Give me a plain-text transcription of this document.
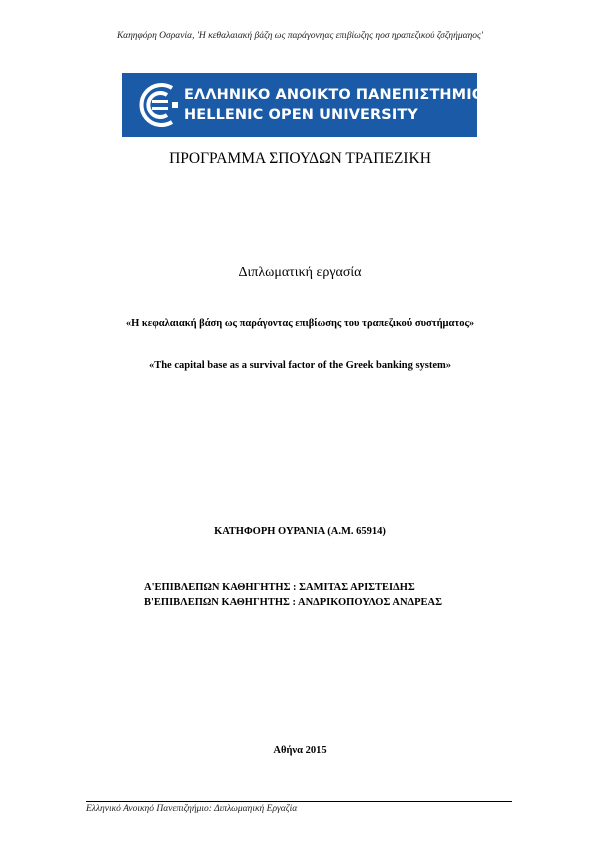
Καηηφόρη Οσρανία, 'Η κεθαλαιακή βάζη ως παράγονηας επιβίωζης ηοσ ηραπεζικού ζσζηήμαηος'
ΕΛΛΗΝΙΚΟ ΑΝΟΙΚΤΟ ΠΑΝΕΠΙΣΤΗΜΙΟ
HELLENIC OPEN UNIVERSITY
ΠΡΟΓΡΑΜΜΑ ΣΠΟΥΔΩΝ ΤΡΑΠΕΖΙΚΗ
Διπλωματική εργασία
«Η κεφαλαιακή βάση ως παράγοντας επιβίωσης του τραπεζικού συστήματος»
«The capital base as a survival factor of the Greek banking system»
ΚΑΤΗΦΟΡΗ ΟΥΡΑΝΙΑ (Α.Μ. 65914)
Α'ΕΠΙΒΛΕΠΩΝ ΚΑΘΗΓΗΤΗΣ : ΣΑΜΙΤΑΣ ΑΡΙΣΤΕΙΔΗΣ
Β'ΕΠΙΒΛΕΠΩΝ ΚΑΘΗΓΗΤΗΣ : ΑΝΔΡΙΚΟΠΟΥΛΟΣ ΑΝΔΡΕΑΣ
Αθήνα 2015
Ελληνικό Ανοικηό Πανεπιζηήμιο: Διπλωμαηική Εργαζία
